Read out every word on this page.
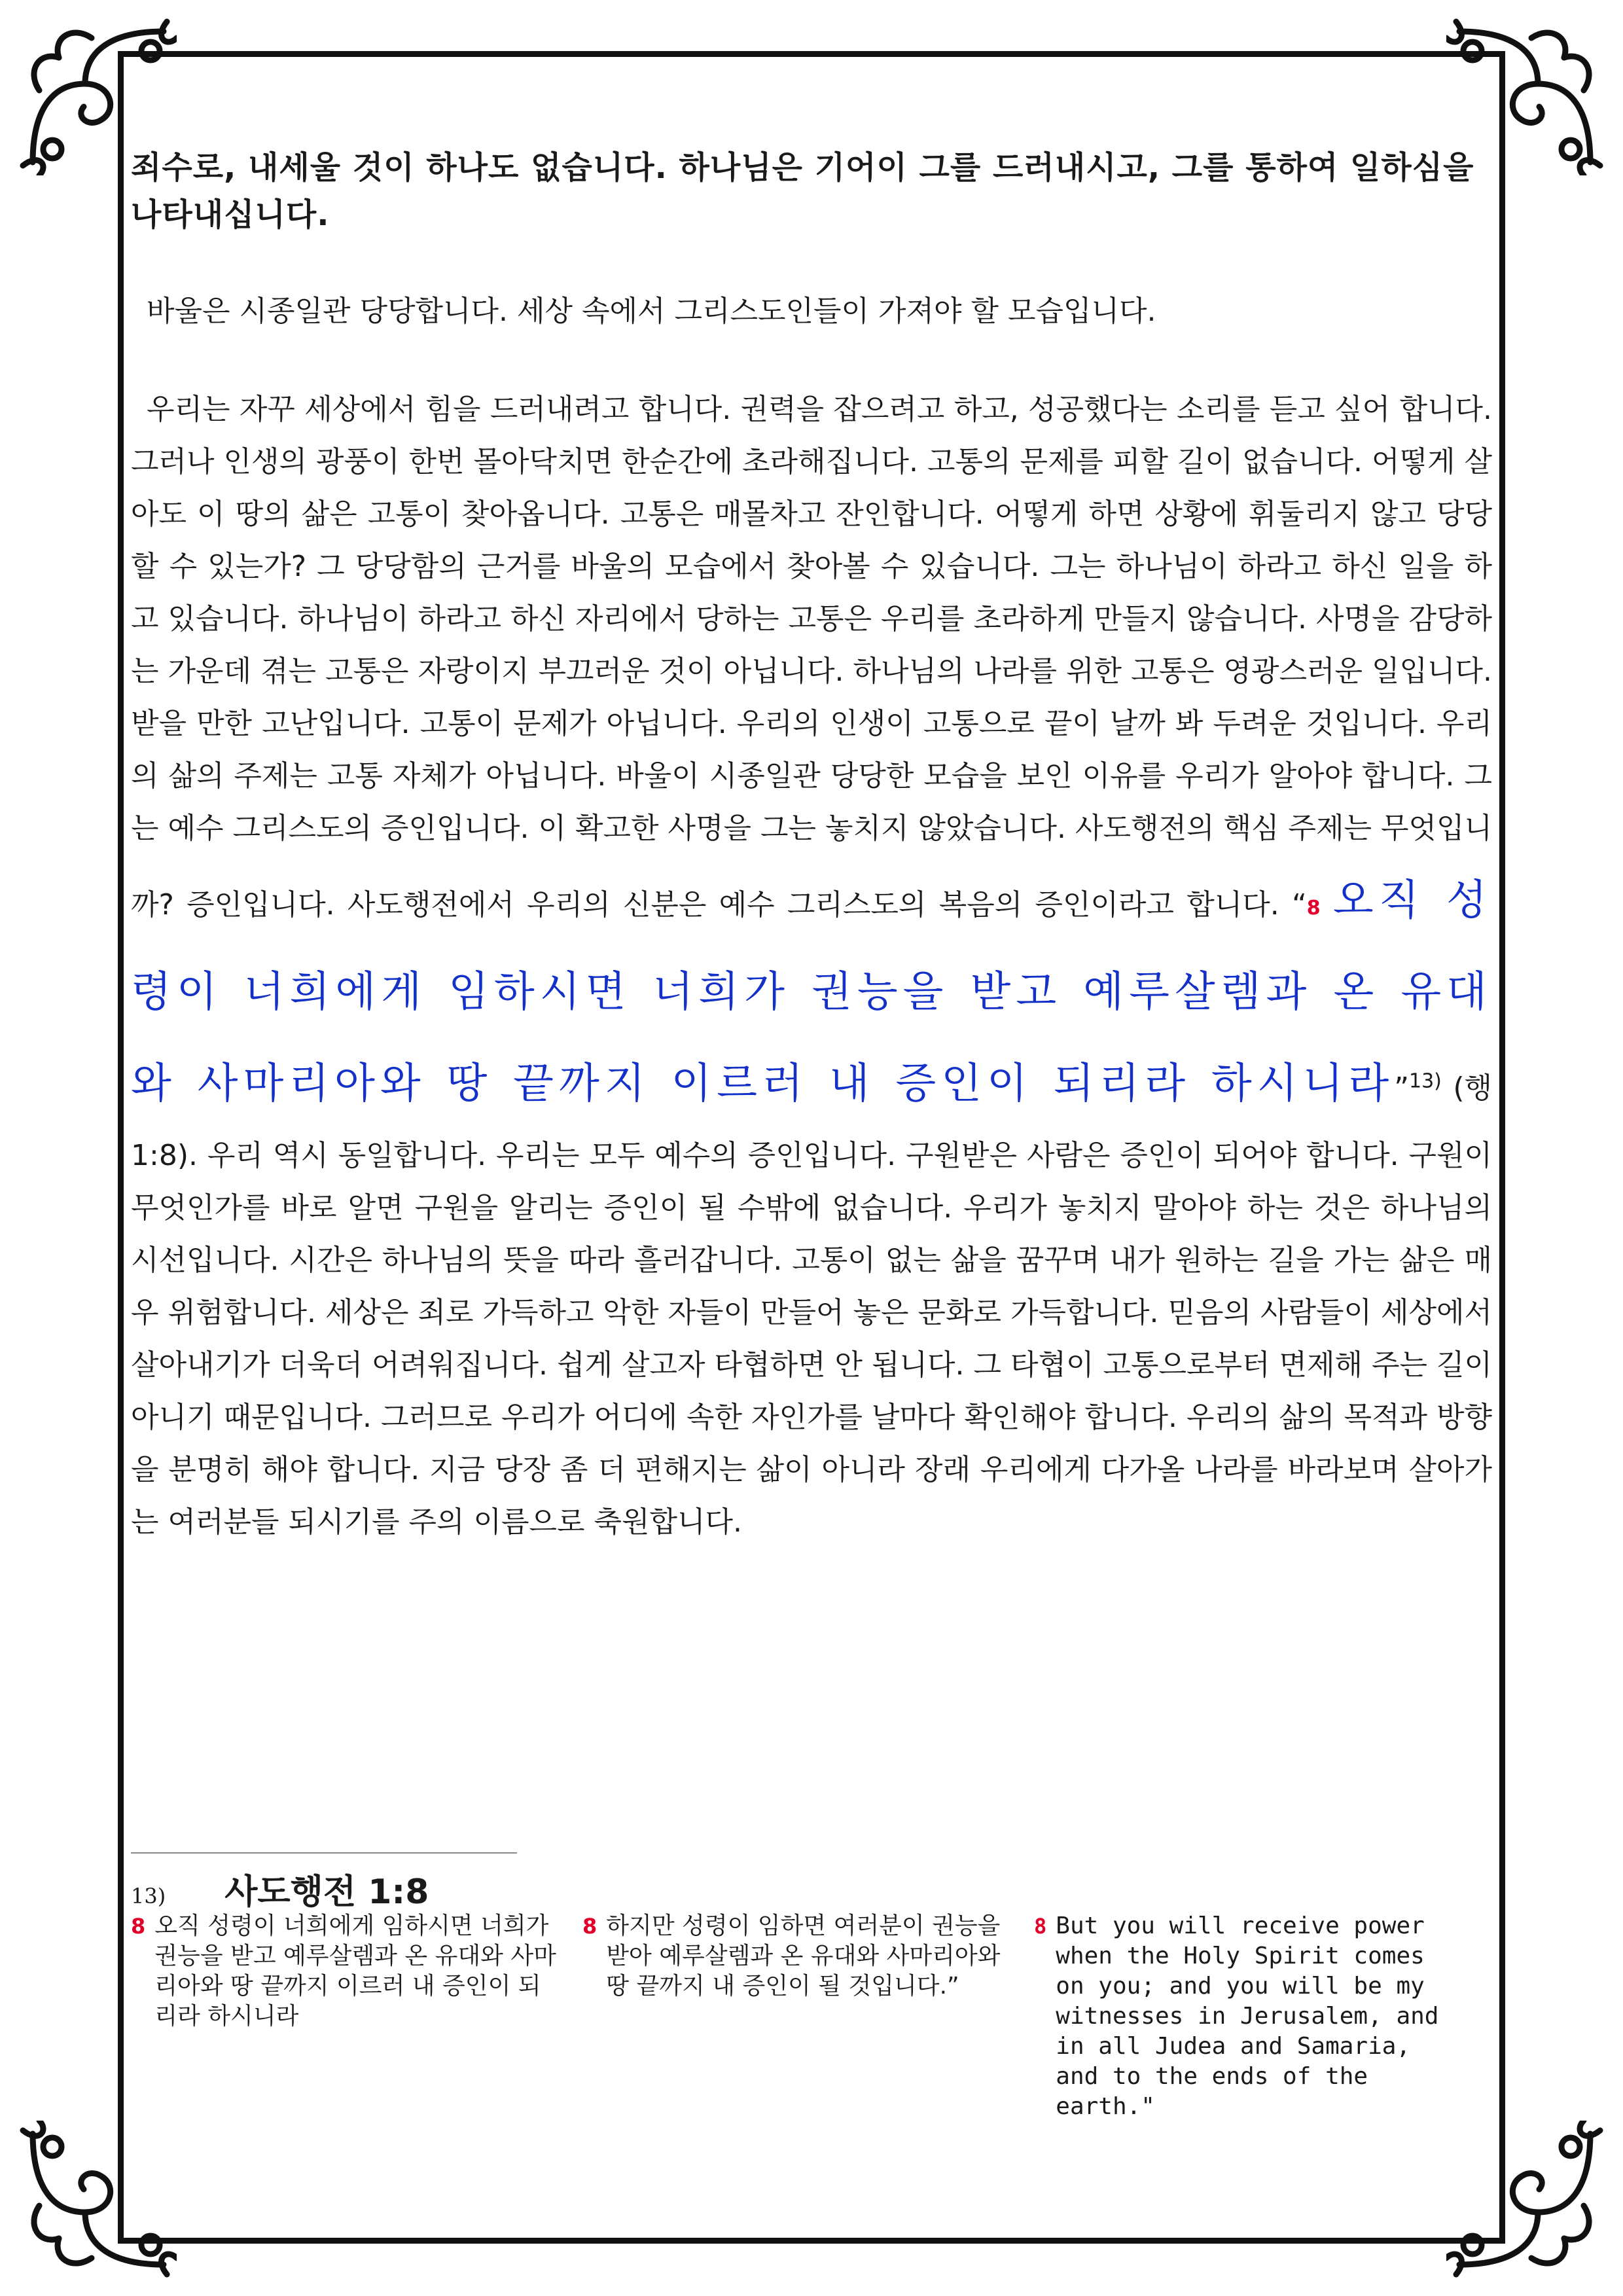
죄수로, 내세울 것이 하나도 없습니다. 하나님은 기어이 그를 드러내시고, 그를 통하여 일하심을 나타내십니다.

바울은 시종일관 당당합니다. 세상 속에서 그리스도인들이 가져야 할 모습입니다.

우리는 자꾸 세상에서 힘을 드러내려고 합니다. 권력을 잡으려고 하고, 성공했다는 소리를 듣고 싶어 합니다. 그러나 인생의 광풍이 한번 몰아닥치면 한순간에 초라해집니다. 고통의 문제를 피할 길이 없습니다. 어떻게 살아도 이 땅의 삶은 고통이 찾아옵니다. 고통은 매몰차고 잔인합니다. 어떻게 하면 상황에 휘둘리지 않고 당당할 수 있는가? 그 당당함의 근거를 바울의 모습에서 찾아볼 수 있습니다. 그는 하나님이 하라고 하신 일을 하고 있습니다. 하나님이 하라고 하신 자리에서 당하는 고통은 우리를 초라하게 만들지 않습니다. 사명을 감당하는 가운데 겪는 고통은 자랑이지 부끄러운 것이 아닙니다. 하나님의 나라를 위한 고통은 영광스러운 일입니다. 받을 만한 고난입니다. 고통이 문제가 아닙니다. 우리의 인생이 고통으로 끝이 날까 봐 두려운 것입니다. 우리의 삶의 주제는 고통 자체가 아닙니다. 바울이 시종일관 당당한 모습을 보인 이유를 우리가 알아야 합니다. 그는 예수 그리스도의 증인입니다. 이 확고한 사명을 그는 놓치지 않았습니다. 사도행전의 핵심 주제는 무엇입니까? 증인입니다. 사도행전에서 우리의 신분은 예수 그리스도의 복음의 증인이라고 합니다. “8 오직 성령이 너희에게 임하시면 너희가 권능을 받고 예루살렘과 온 유대와 사마리아와 땅 끝까지 이르러 내 증인이 되리라 하시니라”$^{13)}$ (행1:8). 우리 역시 동일합니다. 우리는 모두 예수의 증인입니다. 구원받은 사람은 증인이 되어야 합니다. 구원이 무엇인가를 바로 알면 구원을 알리는 증인이 될 수밖에 없습니다. 우리가 놓치지 말아야 하는 것은 하나님의 시선입니다. 시간은 하나님의 뜻을 따라 흘러갑니다. 고통이 없는 삶을 꿈꾸며 내가 원하는 길을 가는 삶은 매우 위험합니다. 세상은 죄로 가득하고 악한 자들이 만들어 놓은 문화로 가득합니다. 믿음의 사람들이 세상에서 살아내기가 더욱더 어려워집니다. 쉽게 살고자 타협하면 안 됩니다. 그 타협이 고통으로부터 면제해 주는 길이 아니기 때문입니다. 그러므로 우리가 어디에 속한 자인가를 날마다 확인해야 합니다. 우리의 삶의 목적과 방향을 분명히 해야 합니다. 지금 당장 좀 더 편해지는 삶이 아니라 장래 우리에게 다가올 나라를 바라보며 살아가는 여러분들 되시기를 주의 이름으로 축원합니다.

13) 사도행전 1:8
8 오직 성령이 너희에게 임하시면 너희가 권능을 받고 예루살렘과 온 유대와 사마리아와 땅 끝까지 이르러 내 증인이 되리라 하시니라
8 하지만 성령이 임하면 여러분이 권능을 받아 예루살렘과 온 유대와 사마리아와 땅 끝까지 내 증인이 될 것입니다.”
8 But you will receive power when the Holy Spirit comes on you; and you will be my witnesses in Jerusalem, and in all Judea and Samaria, and to the ends of the earth."
